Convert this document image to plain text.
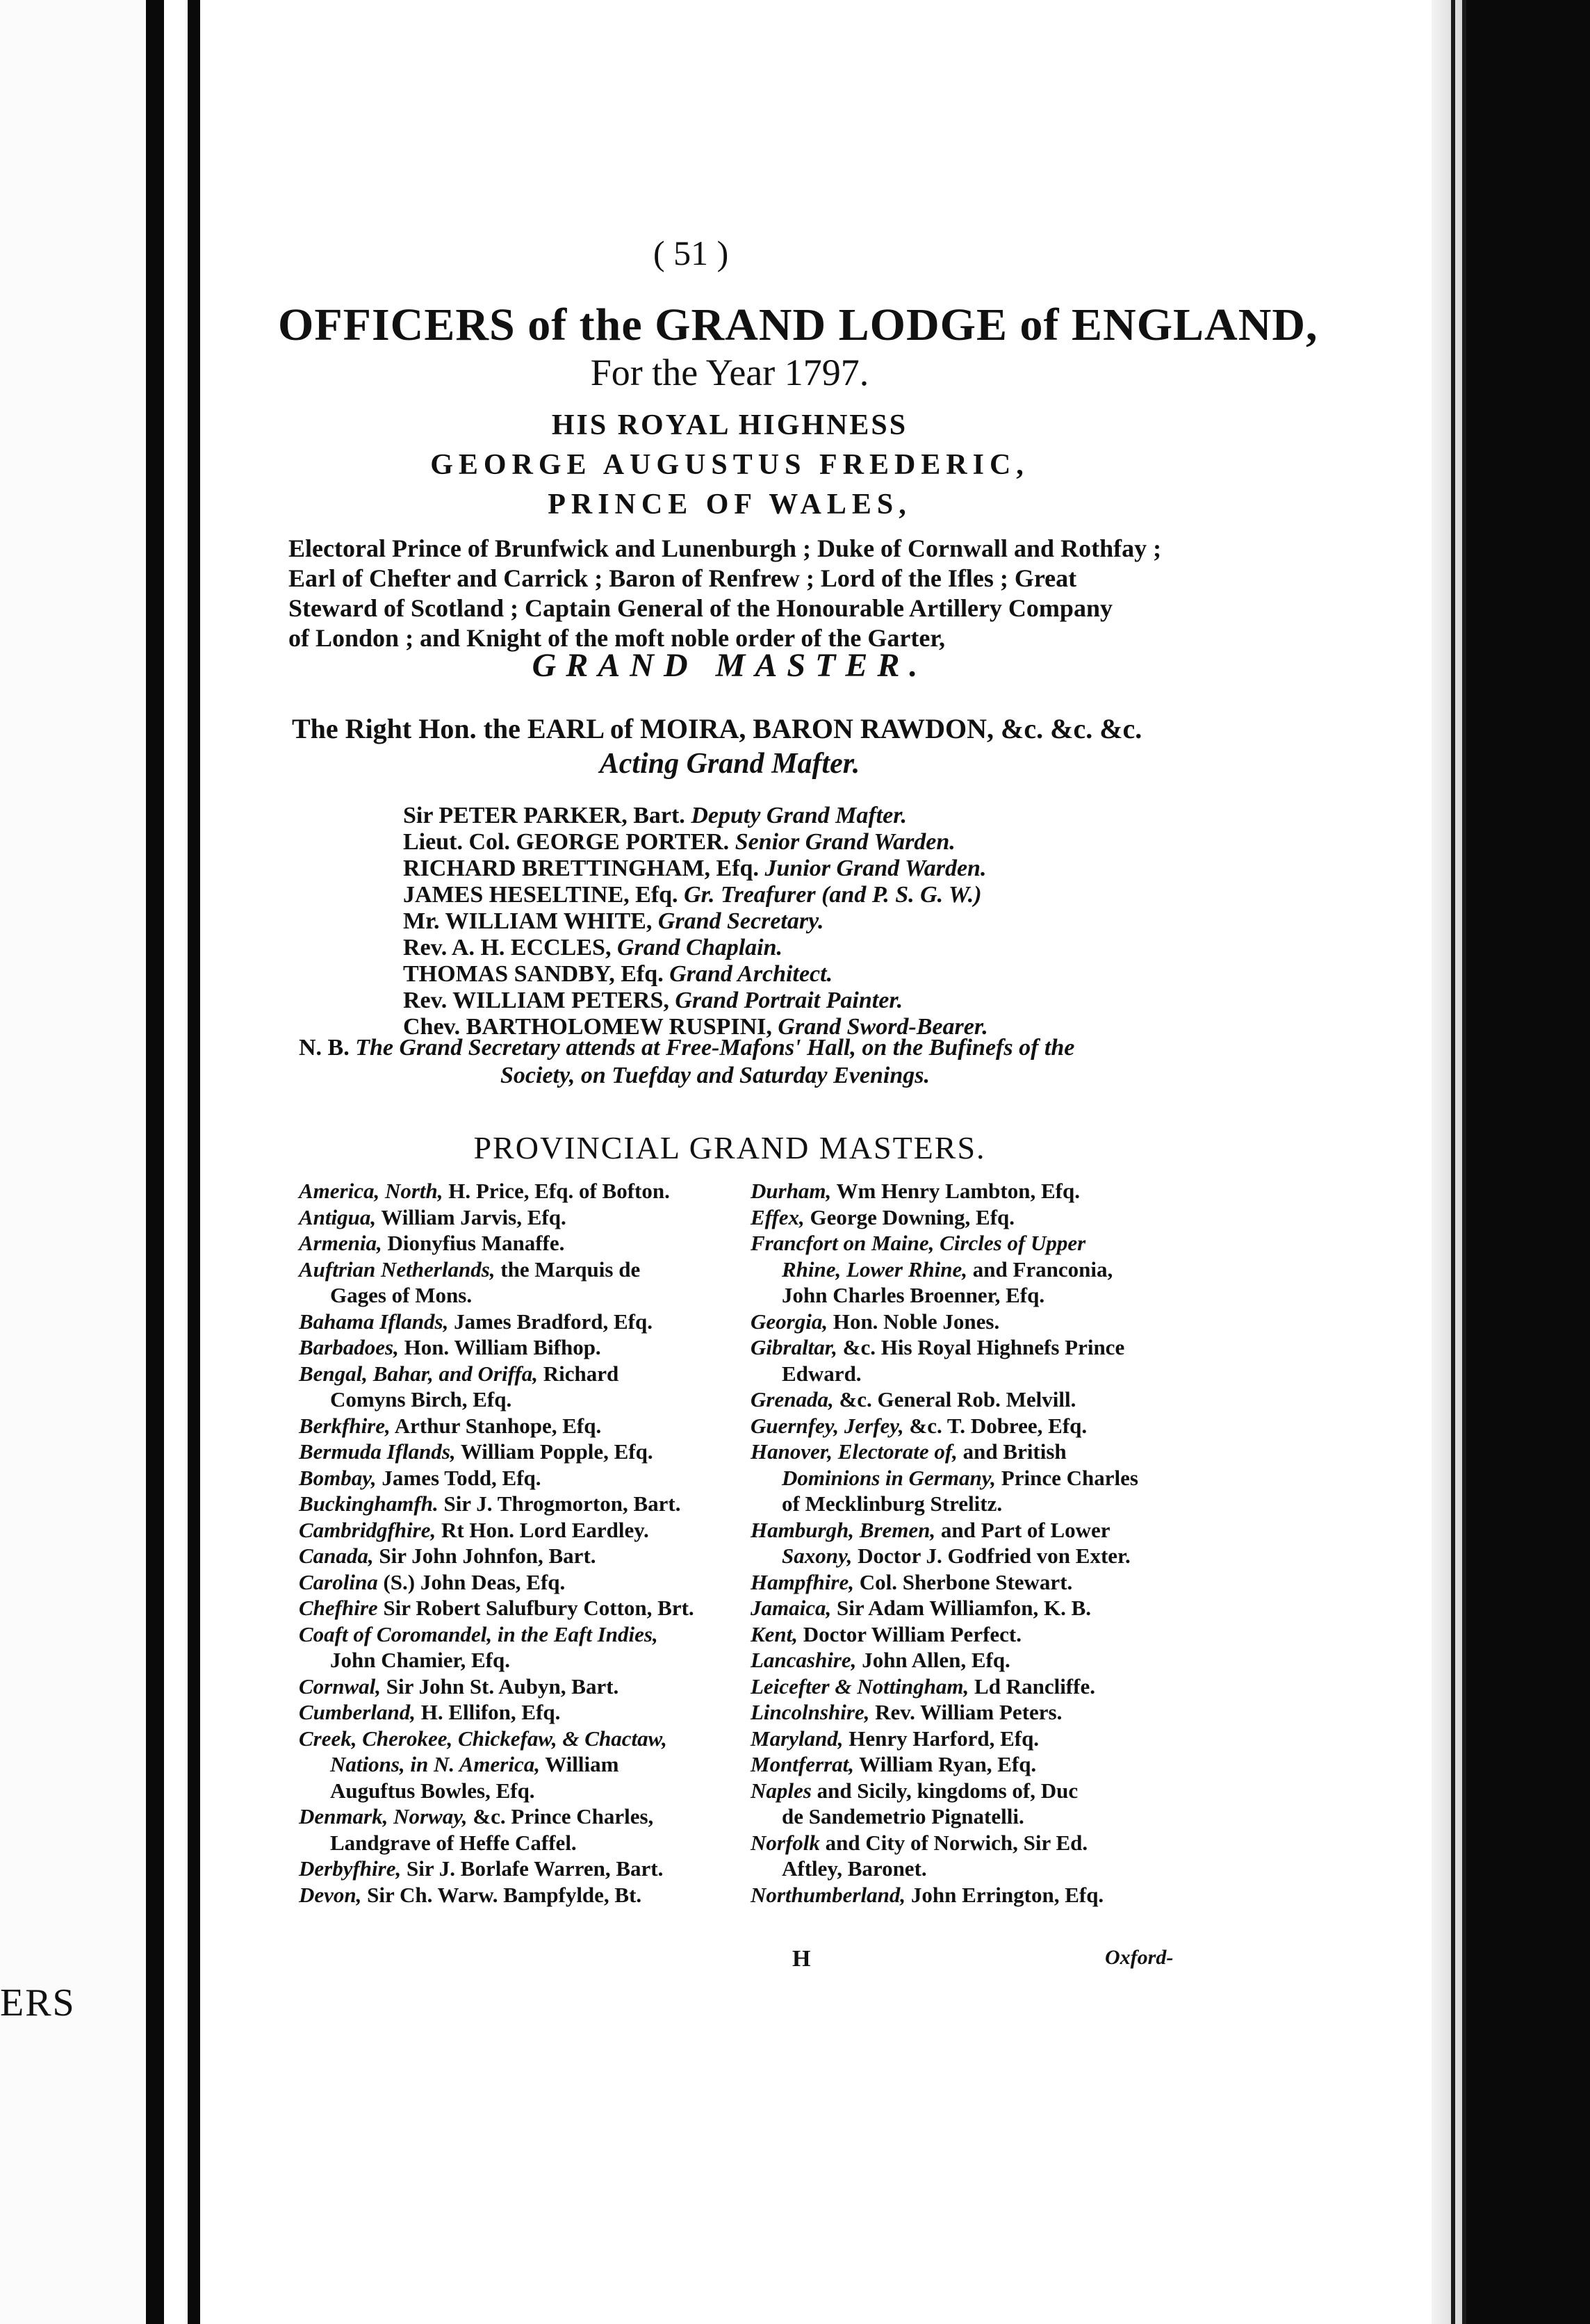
ERS
( 51 )
OFFICERS of the GRAND LODGE of ENGLAND,
For the Year 1797.
HIS ROYAL HIGHNESS
GEORGE AUGUSTUS FREDERIC,
PRINCE OF WALES,
Electoral Prince of Brunfwick and Lunenburgh ; Duke of Cornwall and Rothfay ;
Earl of Chefter and Carrick ; Baron of Renfrew ; Lord of the Ifles ; Great
Steward of Scotland ; Captain General of the Honourable Artillery Company
of London ; and Knight of the moft noble order of the Garter,
GRAND MASTER.
The Right Hon. the EARL of MOIRA, BARON RAWDON, &c. &c. &c.
Acting Grand Mafter.
Sir PETER PARKER, Bart. Deputy Grand Mafter.
Lieut. Col. GEORGE PORTER. Senior Grand Warden.
RICHARD BRETTINGHAM, Efq. Junior Grand Warden.
JAMES HESELTINE, Efq. Gr. Treafurer (and P. S. G. W.)
Mr. WILLIAM WHITE, Grand Secretary.
Rev. A. H. ECCLES, Grand Chaplain.
THOMAS SANDBY, Efq. Grand Architect.
Rev. WILLIAM PETERS, Grand Portrait Painter.
Chev. BARTHOLOMEW RUSPINI, Grand Sword-Bearer.
N. B. The Grand Secretary attends at Free-Mafons' Hall, on the Bufinefs of the
Society, on Tuefday and Saturday Evenings.
PROVINCIAL GRAND MASTERS.
America, North, H. Price, Efq. of Bofton.
Antigua, William Jarvis, Efq.
Armenia, Dionyfius Manaffe.
Auftrian Netherlands, the Marquis de
Gages of Mons.
Bahama Iflands, James Bradford, Efq.
Barbadoes, Hon. William Bifhop.
Bengal, Bahar, and Oriffa, Richard
Comyns Birch, Efq.
Berkfhire, Arthur Stanhope, Efq.
Bermuda Iflands, William Popple, Efq.
Bombay, James Todd, Efq.
Buckinghamfh. Sir J. Throgmorton, Bart.
Cambridgfhire, Rt Hon. Lord Eardley.
Canada, Sir John Johnfon, Bart.
Carolina (S.) John Deas, Efq.
Chefhire Sir Robert Salufbury Cotton, Brt.
Coaft of Coromandel, in the Eaft Indies,
John Chamier, Efq.
Cornwal, Sir John St. Aubyn, Bart.
Cumberland, H. Ellifon, Efq.
Creek, Cherokee, Chickefaw, & Chactaw,
Nations, in N. America, William
Auguftus Bowles, Efq.
Denmark, Norway, &c. Prince Charles,
Landgrave of Heffe Caffel.
Derbyfhire, Sir J. Borlafe Warren, Bart.
Devon, Sir Ch. Warw. Bampfylde, Bt.
Durham, Wm Henry Lambton, Efq.
Effex, George Downing, Efq.
Francfort on Maine, Circles of Upper
Rhine, Lower Rhine, and Franconia,
John Charles Broenner, Efq.
Georgia, Hon. Noble Jones.
Gibraltar, &c. His Royal Highnefs Prince
Edward.
Grenada, &c. General Rob. Melvill.
Guernfey, Jerfey, &c. T. Dobree, Efq.
Hanover, Electorate of, and British
Dominions in Germany, Prince Charles
of Mecklinburg Strelitz.
Hamburgh, Bremen, and Part of Lower
Saxony, Doctor J. Godfried von Exter.
Hampfhire, Col. Sherbone Stewart.
Jamaica, Sir Adam Williamfon, K. B.
Kent, Doctor William Perfect.
Lancashire, John Allen, Efq.
Leicefter & Nottingham, Ld Rancliffe.
Lincolnshire, Rev. William Peters.
Maryland, Henry Harford, Efq.
Montferrat, William Ryan, Efq.
Naples and Sicily, kingdoms of, Duc
de Sandemetrio Pignatelli.
Norfolk and City of Norwich, Sir Ed.
Aftley, Baronet.
Northumberland, John Errington, Efq.
H	Oxford-
